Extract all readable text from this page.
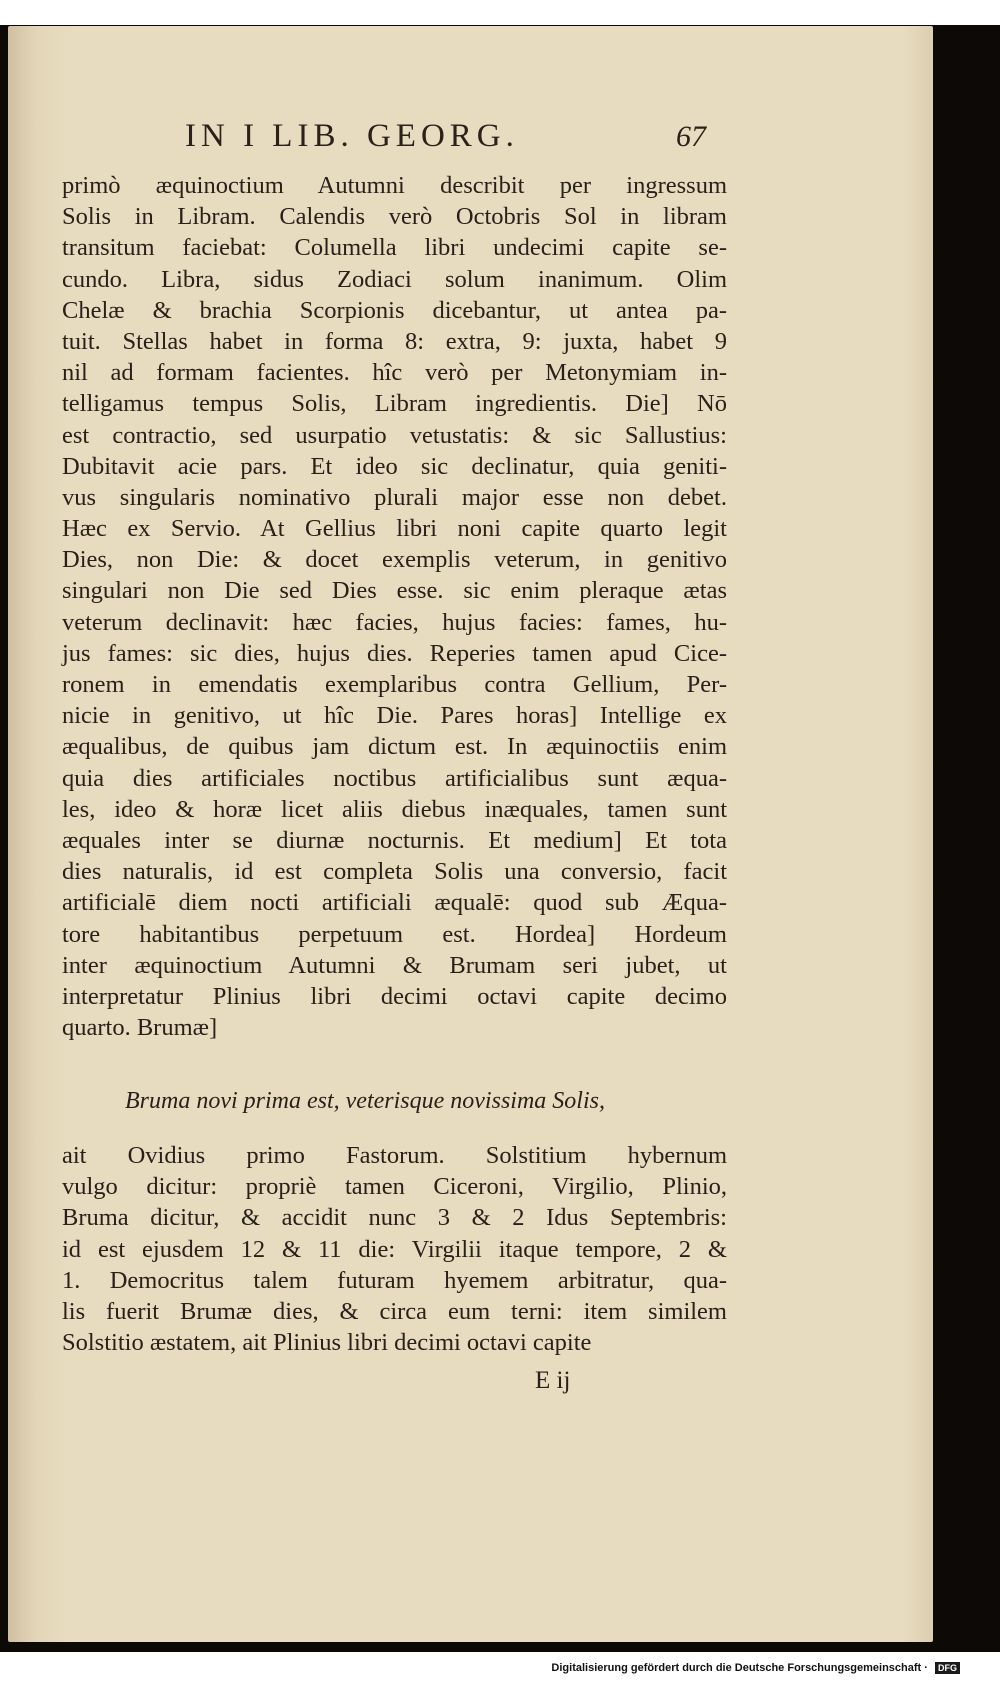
IN I LIB. GEORG.	67
primò æquinoctium Autumni describit per ingressum
Solis in Libram. Calendis verò Octobris Sol in libram
transitum faciebat: Columella libri undecimi capite se-
cundo. Libra, sidus Zodiaci solum inanimum. Olim
Chelæ & brachia Scorpionis dicebantur, ut antea pa-
tuit. Stellas habet in forma 8: extra, 9: juxta, habet 9
nil ad formam facientes. hîc verò per Metonymiam in-
telligamus tempus Solis, Libram ingredientis. Die] Nō
est contractio, sed usurpatio vetustatis: & sic Sallustius:
Dubitavit acie pars. Et ideo sic declinatur, quia geniti-
vus singularis nominativo plurali major esse non debet.
Hæc ex Servio. At Gellius libri noni capite quarto legit
Dies, non Die: & docet exemplis veterum, in genitivo
singulari non Die sed Dies esse. sic enim pleraque ætas
veterum declinavit: hæc facies, hujus facies: fames, hu-
jus fames: sic dies, hujus dies. Reperies tamen apud Cice-
ronem in emendatis exemplaribus contra Gellium, Per-
nicie in genitivo, ut hîc Die. Pares horas] Intellige ex
æqualibus, de quibus jam dictum est. In æquinoctiis enim
quia dies artificiales noctibus artificialibus sunt æqua-
les, ideo & horæ licet aliis diebus inæquales, tamen sunt
æquales inter se diurnæ nocturnis. Et medium] Et tota
dies naturalis, id est completa Solis una conversio, facit
artificialē diem nocti artificiali æqualē: quod sub Æqua-
tore habitantibus perpetuum est. Hordea] Hordeum
inter æquinoctium Autumni & Brumam seri jubet, ut
interpretatur Plinius libri decimi octavi capite decimo
quarto. Brumæ]
Bruma novi prima est, veterisque novissima Solis,
ait Ovidius primo Fastorum. Solstitium hybernum
vulgo dicitur: propriè tamen Ciceroni, Virgilio, Plinio,
Bruma dicitur, & accidit nunc 3 & 2 Idus Septembris:
id est ejusdem 12 & 11 die: Virgilii itaque tempore, 2 &
1. Democritus talem futuram hyemem arbitratur, qua-
lis fuerit Brumæ dies, & circa eum terni: item similem
Solstitio æstatem, ait Plinius libri decimi octavi capite
E ij
Digitalisierung gefördert durch die Deutsche Forschungsgemeinschaft · DFG
